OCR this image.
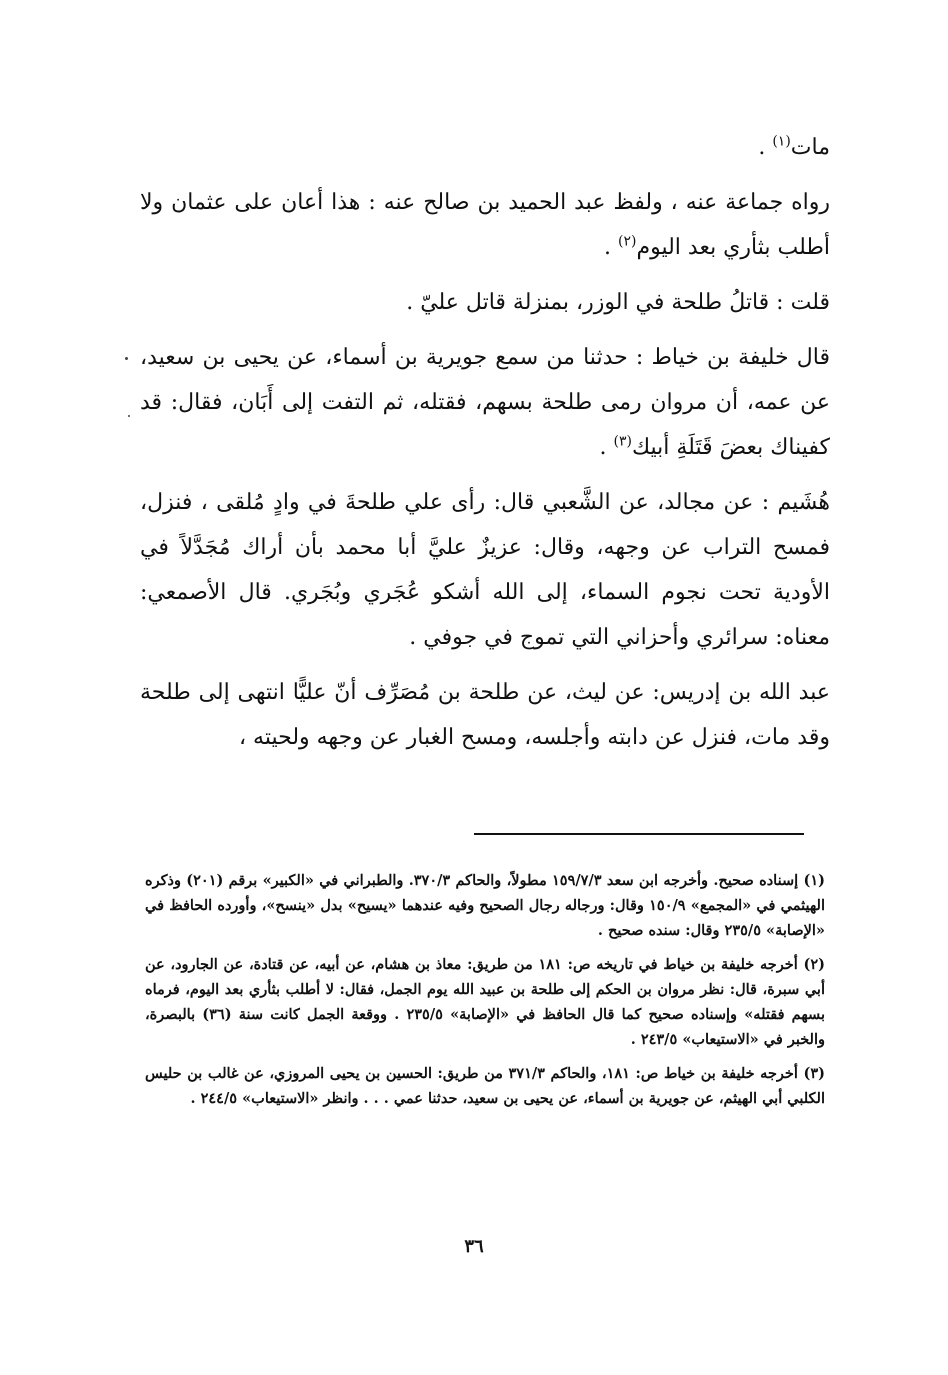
مات$^{(١)}$ .

رواه جماعة عنه ، ولفظ عبد الحميد بن صالح عنه : هذا أعان على عثمان ولا أطلب بثأري بعد اليوم$^{(٢)}$ .

قلت : قاتلُ طلحة في الوزر، بمنزلة قاتل عليّ .

قال خليفة بن خياط : حدثنا من سمع جويرية بن أسماء، عن يحيى بن سعيد، عن عمه، أن مروان رمى طلحة بسهم، فقتله، ثم التفت إلى أَبَان، فقال: قد كفيناك بعضَ قَتَلَةِ أبيك$^{(٣)}$ .

هُشَيم : عن مجالد، عن الشَّعبي قال: رأى علي طلحةَ في وادٍ مُلقى ، فنزل، فمسح التراب عن وجهه، وقال: عزيزٌ عليَّ أبا محمد بأن أراك مُجَدَّلاً في الأودية تحت نجوم السماء، إلى الله أشكو عُجَري وبُجَري. قال الأصمعي: معناه: سرائري وأحزاني التي تموج في جوفي .

عبد الله بن إدريس: عن ليث، عن طلحة بن مُصَرِّف أنّ عليًّا انتهى إلى طلحة وقد مات، فنزل عن دابته وأجلسه، ومسح الغبار عن وجهه ولحيته ،

(١) إسناده صحيح. وأخرجه ابن سعد ١٥٩/٧/٣ مطولاً، والحاكم ٣٧٠/٣. والطبراني في «الكبير» برقم (٢٠١) وذكره الهيثمي في «المجمع» ١٥٠/٩ وقال: ورجاله رجال الصحيح وفيه عندهما «يسيح» بدل «ينسح»، وأورده الحافظ في «الإصابة» ٢٣٥/٥ وقال: سنده صحيح .

(٢) أخرجه خليفة بن خياط في تاريخه ص: ١٨١ من طريق: معاذ بن هشام، عن أبيه، عن قتادة، عن الجارود، عن أبي سبرة، قال: نظر مروان بن الحكم إلى طلحة بن عبيد الله يوم الجمل، فقال: لا أطلب بثأري بعد اليوم، فرماه بسهم فقتله» وإسناده صحيح كما قال الحافظ في «الإصابة» ٢٣٥/٥ . ووقعة الجمل كانت سنة (٣٦) بالبصرة، والخبر في «الاستيعاب» ٢٤٣/٥ .

(٣) أخرجه خليفة بن خياط ص: ١٨١، والحاكم ٣٧١/٣ من طريق: الحسين بن يحيى المروزي، عن غالب بن حليس الكلبي أبي الهيثم، عن جويرية بن أسماء، عن يحيى بن سعيد، حدثنا عمي . . . وانظر «الاستيعاب» ٢٤٤/٥ .

٣٦
